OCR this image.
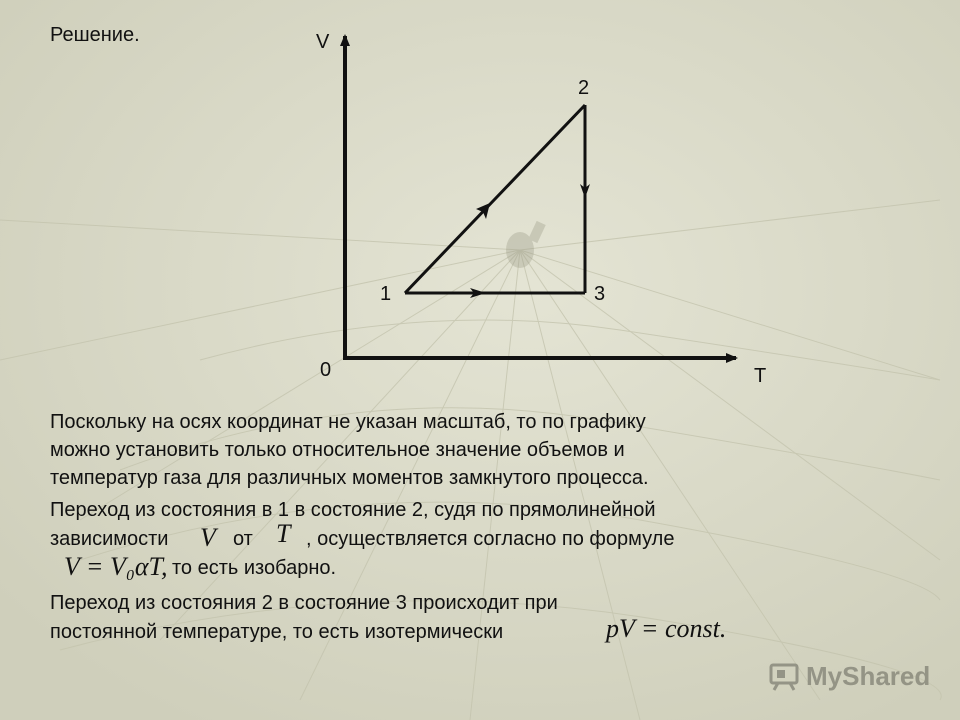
Решение.	V
T
0
1
2
3
Поскольку на осях координат не указан масштаб, то по графику
можно установить только относительное значение объемов и
температур газа для различных моментов замкнутого процесса.
Переход из состояния в 1 в состояние 2, судя по прямолинейной
зависимости V от T , осуществляется согласно по формуле
V = V₀αT, то есть изобарно.
Переход из состояния 2 в состояние 3 происходит при
постоянной температуре, то есть изотермически	pV = const.
MyShared
